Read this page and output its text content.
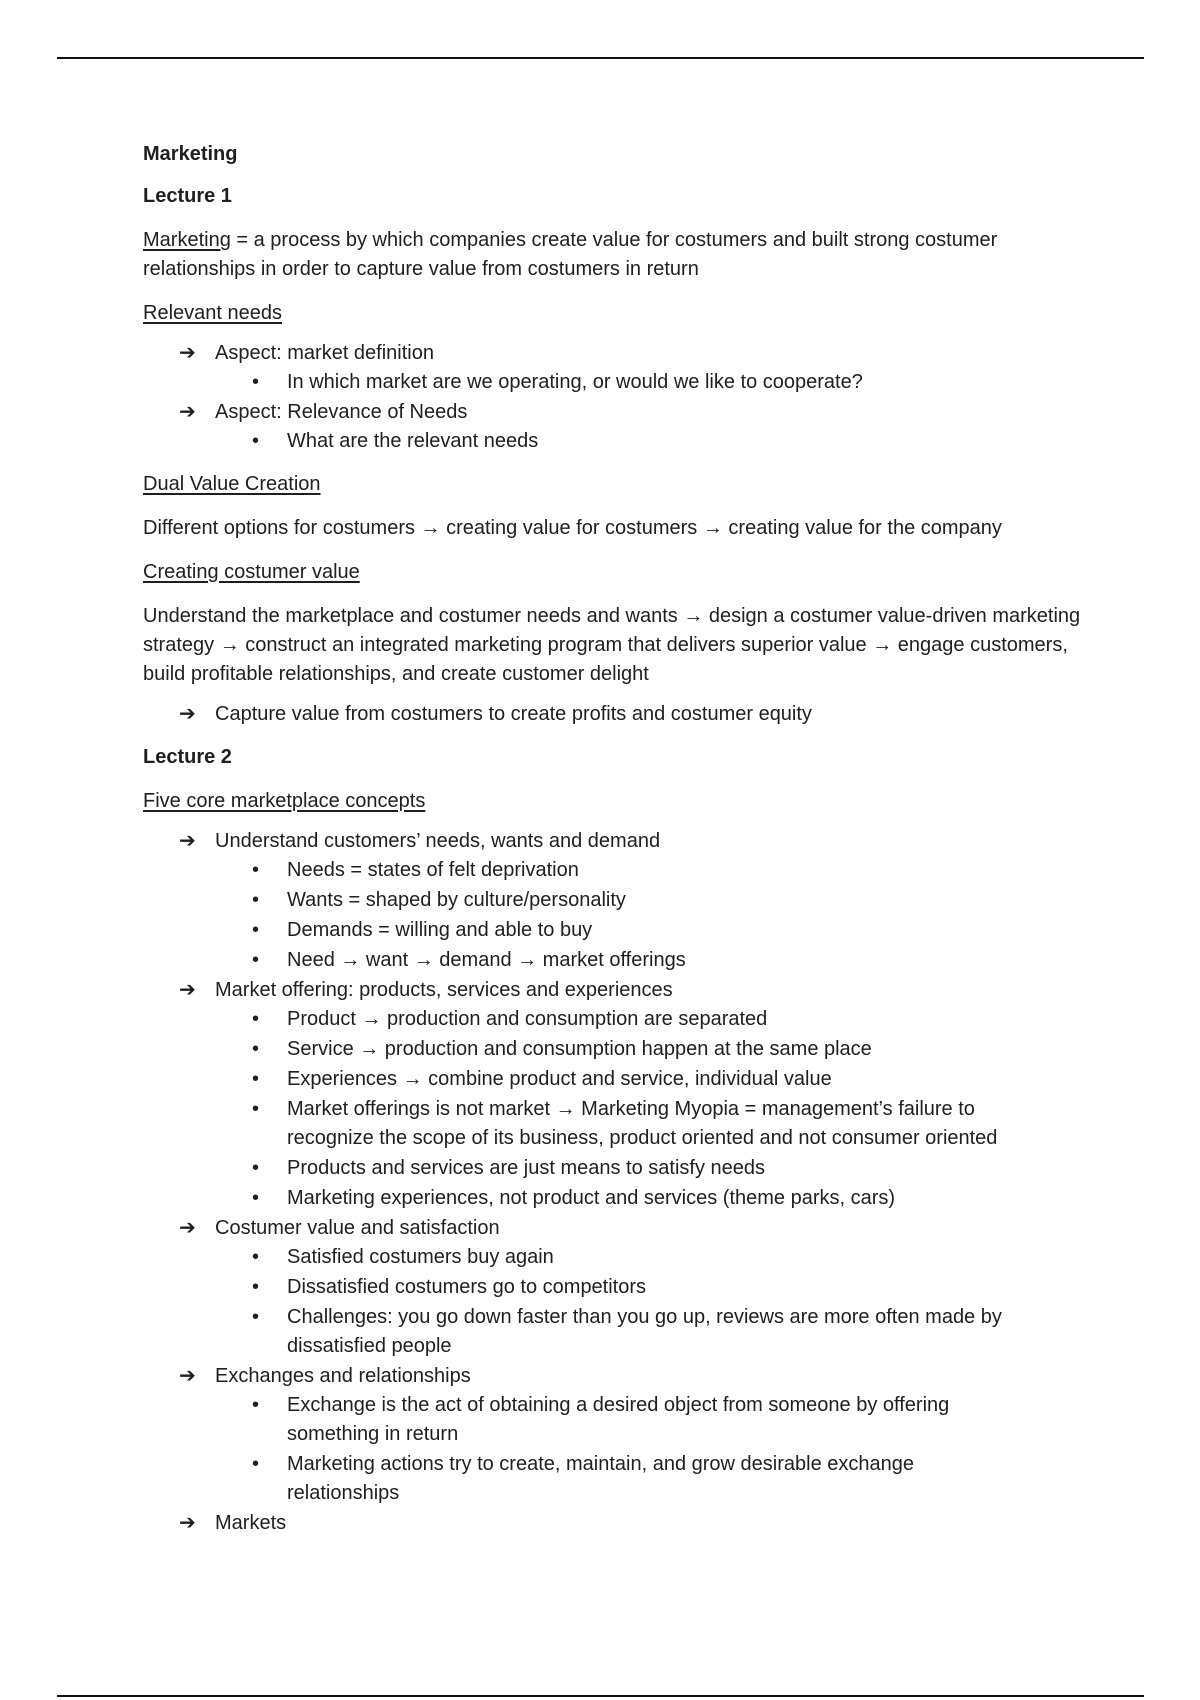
Marketing
Lecture 1

Marketing = a process by which companies create value for costumers and built strong costumer relationships in order to capture value from costumers in return

Relevant needs

➔ Aspect: market definition
• In which market are we operating, or would we like to cooperate?
➔ Aspect: Relevance of Needs
• What are the relevant needs

Dual Value Creation

Different options for costumers → creating value for costumers → creating value for the company

Creating costumer value

Understand the marketplace and costumer needs and wants → design a costumer value-driven marketing strategy → construct an integrated marketing program that delivers superior value → engage customers, build profitable relationships, and create customer delight

➔ Capture value from costumers to create profits and costumer equity
Lecture 2

Five core marketplace concepts

➔ Understand customers’ needs, wants and demand
• Needs = states of felt deprivation
• Wants = shaped by culture/personality
• Demands = willing and able to buy
• Need → want → demand → market offerings
➔ Market offering: products, services and experiences
• Product → production and consumption are separated
• Service → production and consumption happen at the same place
• Experiences → combine product and service, individual value
• Market offerings is not market → Marketing Myopia = management’s failure to recognize the scope of its business, product oriented and not consumer oriented
• Products and services are just means to satisfy needs
• Marketing experiences, not product and services (theme parks, cars)
➔ Costumer value and satisfaction
• Satisfied costumers buy again
• Dissatisfied costumers go to competitors
• Challenges: you go down faster than you go up, reviews are more often made by dissatisfied people
➔ Exchanges and relationships
• Exchange is the act of obtaining a desired object from someone by offering something in return
• Marketing actions try to create, maintain, and grow desirable exchange relationships
➔ Markets
